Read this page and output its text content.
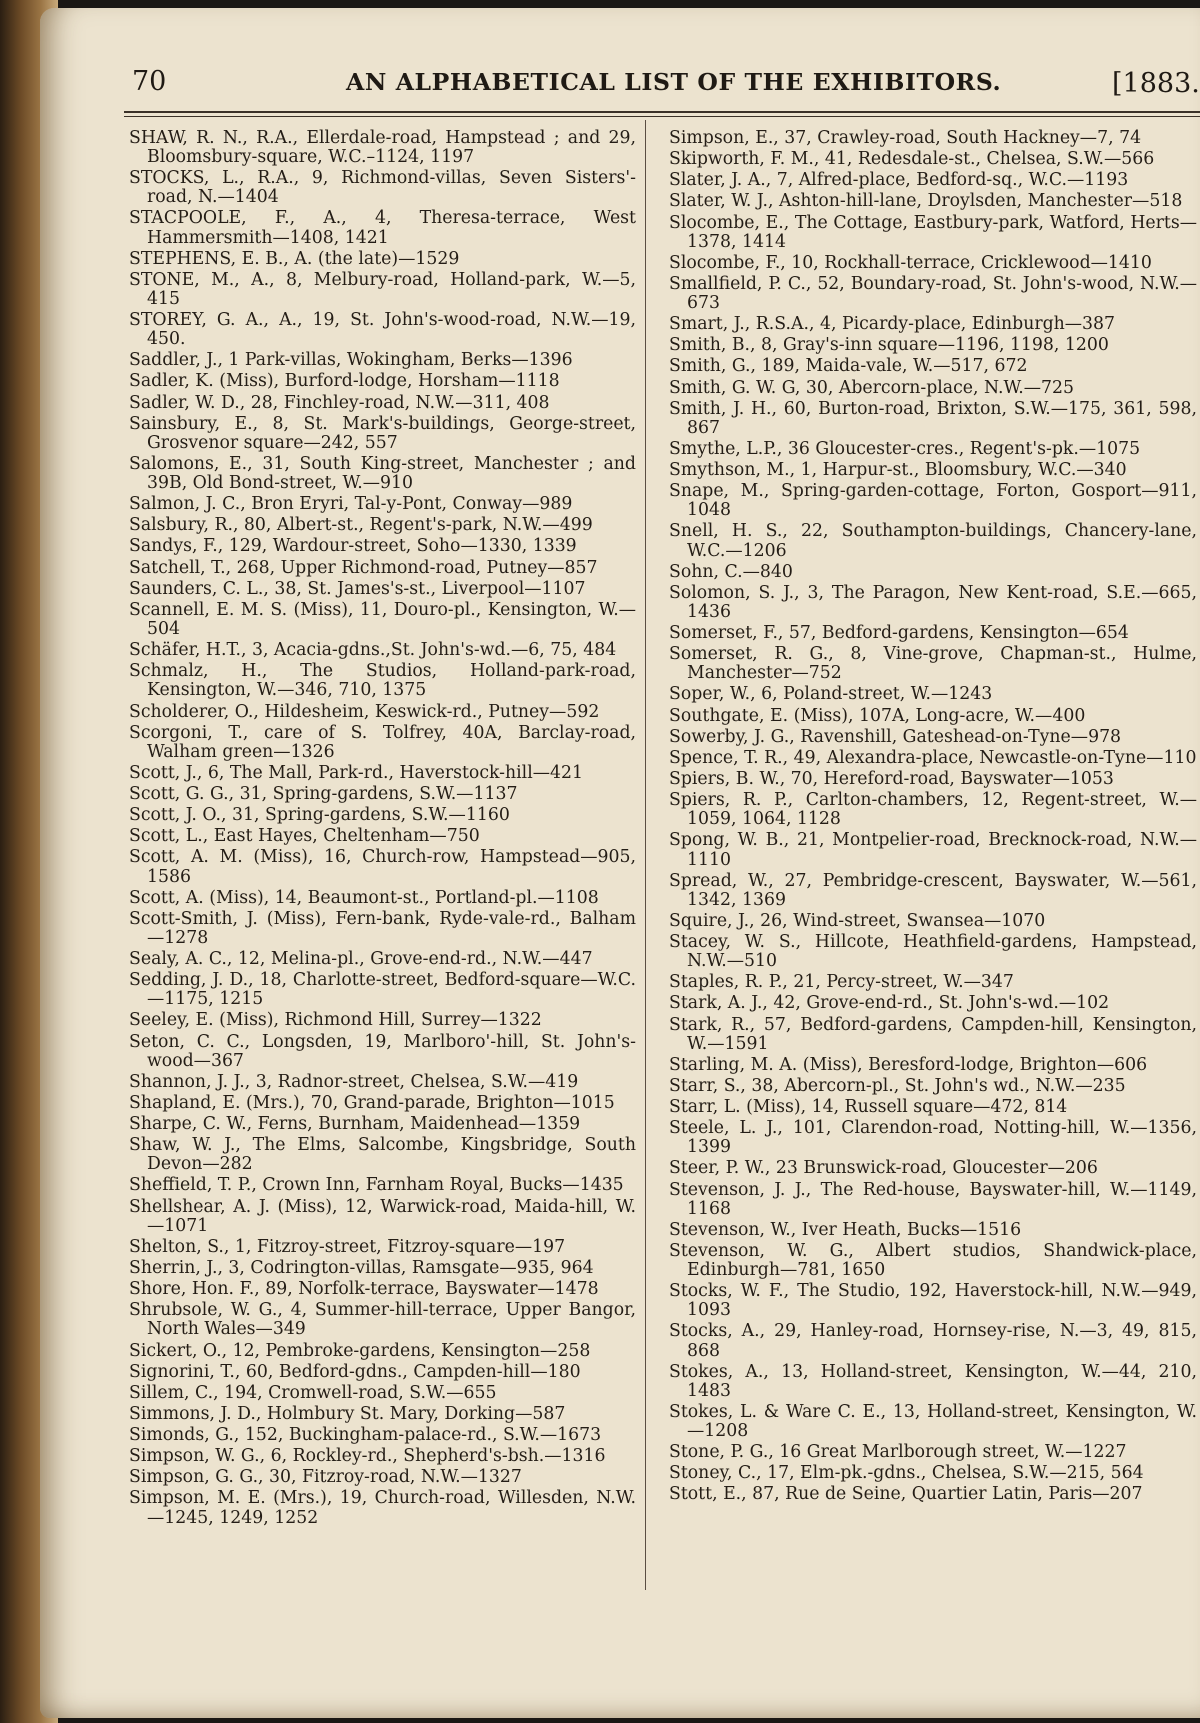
70	AN ALPHABETICAL LIST OF THE EXHIBITORS.	[1883.
SHAW, R. N., R.A., Ellerdale-road, Hampstead ; and 29, Bloomsbury-square, W.C.–1124, 1197
STOCKS, L., R.A., 9, Richmond-villas, Seven Sisters'-road, N.—1404
STACPOOLE, F., A., 4, Theresa-terrace, West Hammersmith—1408, 1421
STEPHENS, E. B., A. (the late)—1529
STONE, M., A., 8, Melbury-road, Holland-park, W.—5, 415
STOREY, G. A., A., 19, St. John's-wood-road, N.W.—19, 450.
Saddler, J., 1 Park-villas, Wokingham, Berks—1396
Sadler, K. (Miss), Burford-lodge, Horsham—1118
Sadler, W. D., 28, Finchley-road, N.W.—311, 408
Sainsbury, E., 8, St. Mark's-buildings, George-street, Grosvenor square—242, 557
Salomons, E., 31, South King-street, Manchester ; and 39B, Old Bond-street, W.—910
Salmon, J. C., Bron Eryri, Tal-y-Pont, Conway—989
Salsbury, R., 80, Albert-st., Regent's-park, N.W.—499
Sandys, F., 129, Wardour-street, Soho—1330, 1339
Satchell, T., 268, Upper Richmond-road, Putney—857
Saunders, C. L., 38, St. James's-st., Liverpool—1107
Scannell, E. M. S. (Miss), 11, Douro-pl., Kensington, W.—504
Schäfer, H.T., 3, Acacia-gdns.,St. John's-wd.—6, 75, 484
Schmalz, H., The Studios, Holland-park-road, Kensington, W.—346, 710, 1375
Scholderer, O., Hildesheim, Keswick-rd., Putney—592
Scorgoni, T., care of S. Tolfrey, 40A, Barclay-road, Walham green—1326
Scott, J., 6, The Mall, Park-rd., Haverstock-hill—421
Scott, G. G., 31, Spring-gardens, S.W.—1137
Scott, J. O., 31, Spring-gardens, S.W.—1160
Scott, L., East Hayes, Cheltenham—750
Scott, A. M. (Miss), 16, Church-row, Hampstead—905, 1586
Scott, A. (Miss), 14, Beaumont-st., Portland-pl.—1108
Scott-Smith, J. (Miss), Fern-bank, Ryde-vale-rd., Balham—1278
Sealy, A. C., 12, Melina-pl., Grove-end-rd., N.W.—447
Sedding, J. D., 18, Charlotte-street, Bedford-square—W.C.—1175, 1215
Seeley, E. (Miss), Richmond Hill, Surrey—1322
Seton, C. C., Longsden, 19, Marlboro'-hill, St. John's-wood—367
Shannon, J. J., 3, Radnor-street, Chelsea, S.W.—419
Shapland, E. (Mrs.), 70, Grand-parade, Brighton—1015
Sharpe, C. W., Ferns, Burnham, Maidenhead—1359
Shaw, W. J., The Elms, Salcombe, Kingsbridge, South Devon—282
Sheffield, T. P., Crown Inn, Farnham Royal, Bucks—1435
Shellshear, A. J. (Miss), 12, Warwick-road, Maida-hill, W.—1071
Shelton, S., 1, Fitzroy-street, Fitzroy-square—197
Sherrin, J., 3, Codrington-villas, Ramsgate—935, 964
Shore, Hon. F., 89, Norfolk-terrace, Bayswater—1478
Shrubsole, W. G., 4, Summer-hill-terrace, Upper Bangor, North Wales—349
Sickert, O., 12, Pembroke-gardens, Kensington—258
Signorini, T., 60, Bedford-gdns., Campden-hill—180
Sillem, C., 194, Cromwell-road, S.W.—655
Simmons, J. D., Holmbury St. Mary, Dorking—587
Simonds, G., 152, Buckingham-palace-rd., S.W.—1673
Simpson, W. G., 6, Rockley-rd., Shepherd's-bsh.—1316
Simpson, G. G., 30, Fitzroy-road, N.W.—1327
Simpson, M. E. (Mrs.), 19, Church-road, Willesden, N.W.—1245, 1249, 1252
Simpson, E., 37, Crawley-road, South Hackney—7, 74
Skipworth, F. M., 41, Redesdale-st., Chelsea, S.W.—566
Slater, J. A., 7, Alfred-place, Bedford-sq., W.C.—1193
Slater, W. J., Ashton-hill-lane, Droylsden, Manchester—518
Slocombe, E., The Cottage, Eastbury-park, Watford, Herts—1378, 1414
Slocombe, F., 10, Rockhall-terrace, Cricklewood—1410
Smallfield, P. C., 52, Boundary-road, St. John's-wood, N.W.—673
Smart, J., R.S.A., 4, Picardy-place, Edinburgh—387
Smith, B., 8, Gray's-inn square—1196, 1198, 1200
Smith, G., 189, Maida-vale, W.—517, 672
Smith, G. W. G, 30, Abercorn-place, N.W.—725
Smith, J. H., 60, Burton-road, Brixton, S.W.—175, 361, 598, 867
Smythe, L.P., 36 Gloucester-cres., Regent's-pk.—1075
Smythson, M., 1, Harpur-st., Bloomsbury, W.C.—340
Snape, M., Spring-garden-cottage, Forton, Gosport—911, 1048
Snell, H. S., 22, Southampton-buildings, Chancery-lane, W.C.—1206
Sohn, C.—840
Solomon, S. J., 3, The Paragon, New Kent-road, S.E.—665, 1436
Somerset, F., 57, Bedford-gardens, Kensington—654
Somerset, R. G., 8, Vine-grove, Chapman-st., Hulme, Manchester—752
Soper, W., 6, Poland-street, W.—1243
Southgate, E. (Miss), 107A, Long-acre, W.—400
Sowerby, J. G., Ravenshill, Gateshead-on-Tyne—978
Spence, T. R., 49, Alexandra-place, Newcastle-on-Tyne—110
Spiers, B. W., 70, Hereford-road, Bayswater—1053
Spiers, R. P., Carlton-chambers, 12, Regent-street, W.—1059, 1064, 1128
Spong, W. B., 21, Montpelier-road, Brecknock-road, N.W.—1110
Spread, W., 27, Pembridge-crescent, Bayswater, W.—561, 1342, 1369
Squire, J., 26, Wind-street, Swansea—1070
Stacey, W. S., Hillcote, Heathfield-gardens, Hampstead, N.W.—510
Staples, R. P., 21, Percy-street, W.—347
Stark, A. J., 42, Grove-end-rd., St. John's-wd.—102
Stark, R., 57, Bedford-gardens, Campden-hill, Kensington, W.—1591
Starling, M. A. (Miss), Beresford-lodge, Brighton—606
Starr, S., 38, Abercorn-pl., St. John's wd., N.W.—235
Starr, L. (Miss), 14, Russell square—472, 814
Steele, L. J., 101, Clarendon-road, Notting-hill, W.—1356, 1399
Steer, P. W., 23 Brunswick-road, Gloucester—206
Stevenson, J. J., The Red-house, Bayswater-hill, W.—1149, 1168
Stevenson, W., Iver Heath, Bucks—1516
Stevenson, W. G., Albert studios, Shandwick-place, Edinburgh—781, 1650
Stocks, W. F., The Studio, 192, Haverstock-hill, N.W.—949, 1093
Stocks, A., 29, Hanley-road, Hornsey-rise, N.—3, 49, 815, 868
Stokes, A., 13, Holland-street, Kensington, W.—44, 210, 1483
Stokes, L. & Ware C. E., 13, Holland-street, Kensington, W.—1208
Stone, P. G., 16 Great Marlborough street, W.—1227
Stoney, C., 17, Elm-pk.-gdns., Chelsea, S.W.—215, 564
Stott, E., 87, Rue de Seine, Quartier Latin, Paris—207
